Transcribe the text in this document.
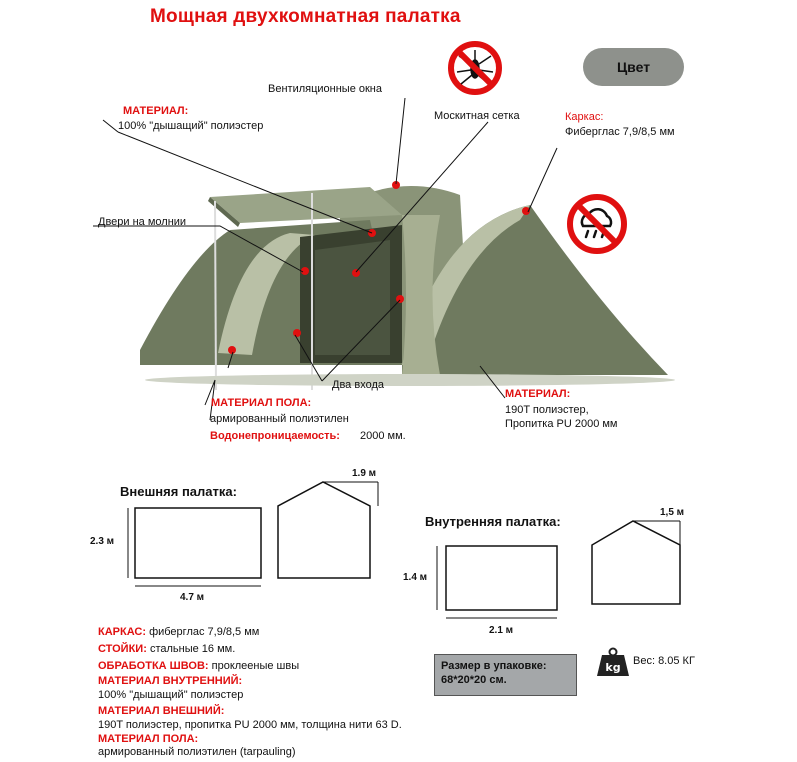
Мощная двухкомнатная палатка
Цвет
МАТЕРИАЛ:
100% "дышащий" полиэстер
Вентиляционные окна
Москитная сетка	Каркас:
Фиберглас 7,9/8,5 мм
Двери на молнии
Два входа
МАТЕРИАЛ ПОЛА:
армированный полиэтилен
Водонепроницаемость: 2000 мм.
МАТЕРИАЛ:
190T полиэстер,
Пропитка PU 2000 мм
Внешняя палатка:
2.3 м
4.7 м
1.9 м
Внутренняя палатка:
1.4 м
2.1 м
1,5 м
КАРКАС: фиберглас 7,9/8,5 мм
СТОЙКИ: стальные 16 мм.
ОБРАБОТКА ШВОВ: проклееные швы
МАТЕРИАЛ ВНУТРЕННИЙ:
100% "дышащий" полиэстер
МАТЕРИАЛ ВНЕШНИЙ:
190T полиэстер, пропитка PU 2000 мм, толщина нити 63 D.
МАТЕРИАЛ ПОЛА:
армированный полиэтилен (tarpauling)
Размер в упаковке:
68*20*20 см.
kg Вес: 8.05 КГ
